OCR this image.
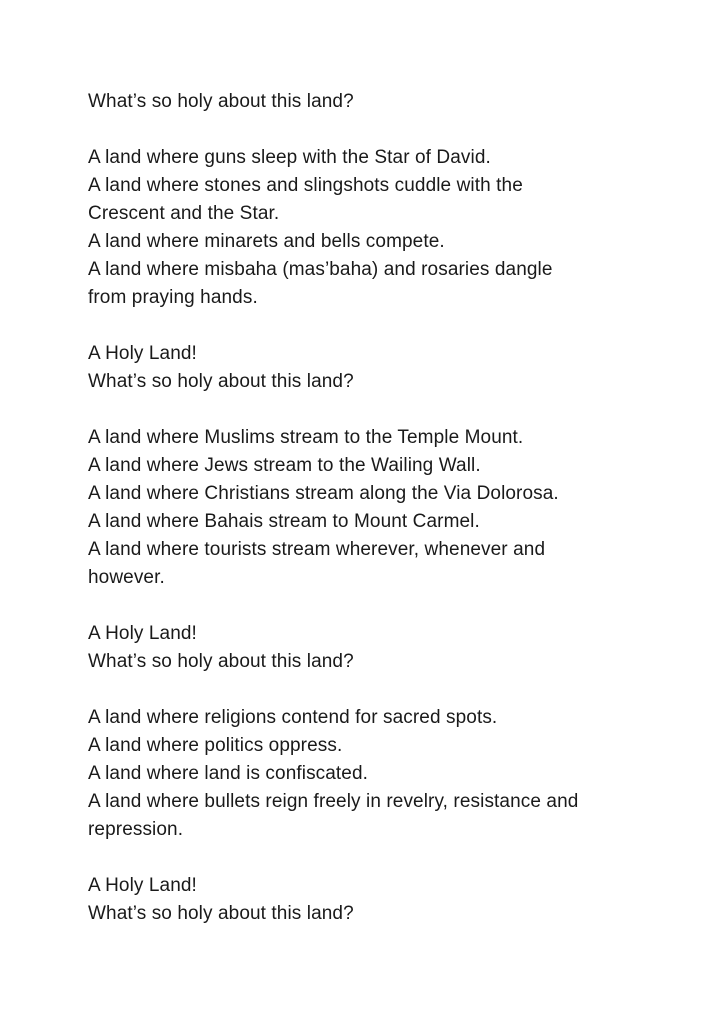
What’s so holy about this land?
A land where guns sleep with the Star of David.
A land where stones and slingshots cuddle with the
Crescent and the Star.
A land where minarets and bells compete.
A land where misbaha (mas’baha) and rosaries dangle
from praying hands.
A Holy Land!
What’s so holy about this land?
A land where Muslims stream to the Temple Mount.
A land where Jews stream to the Wailing Wall.
A land where Christians stream along the Via Dolorosa.
A land where Bahais stream to Mount Carmel.
A land where tourists stream wherever, whenever and
however.
A Holy Land!
What’s so holy about this land?
A land where religions contend for sacred spots.
A land where politics oppress.
A land where land is confiscated.
A land where bullets reign freely in revelry, resistance and
repression.
A Holy Land!
What’s so holy about this land?
